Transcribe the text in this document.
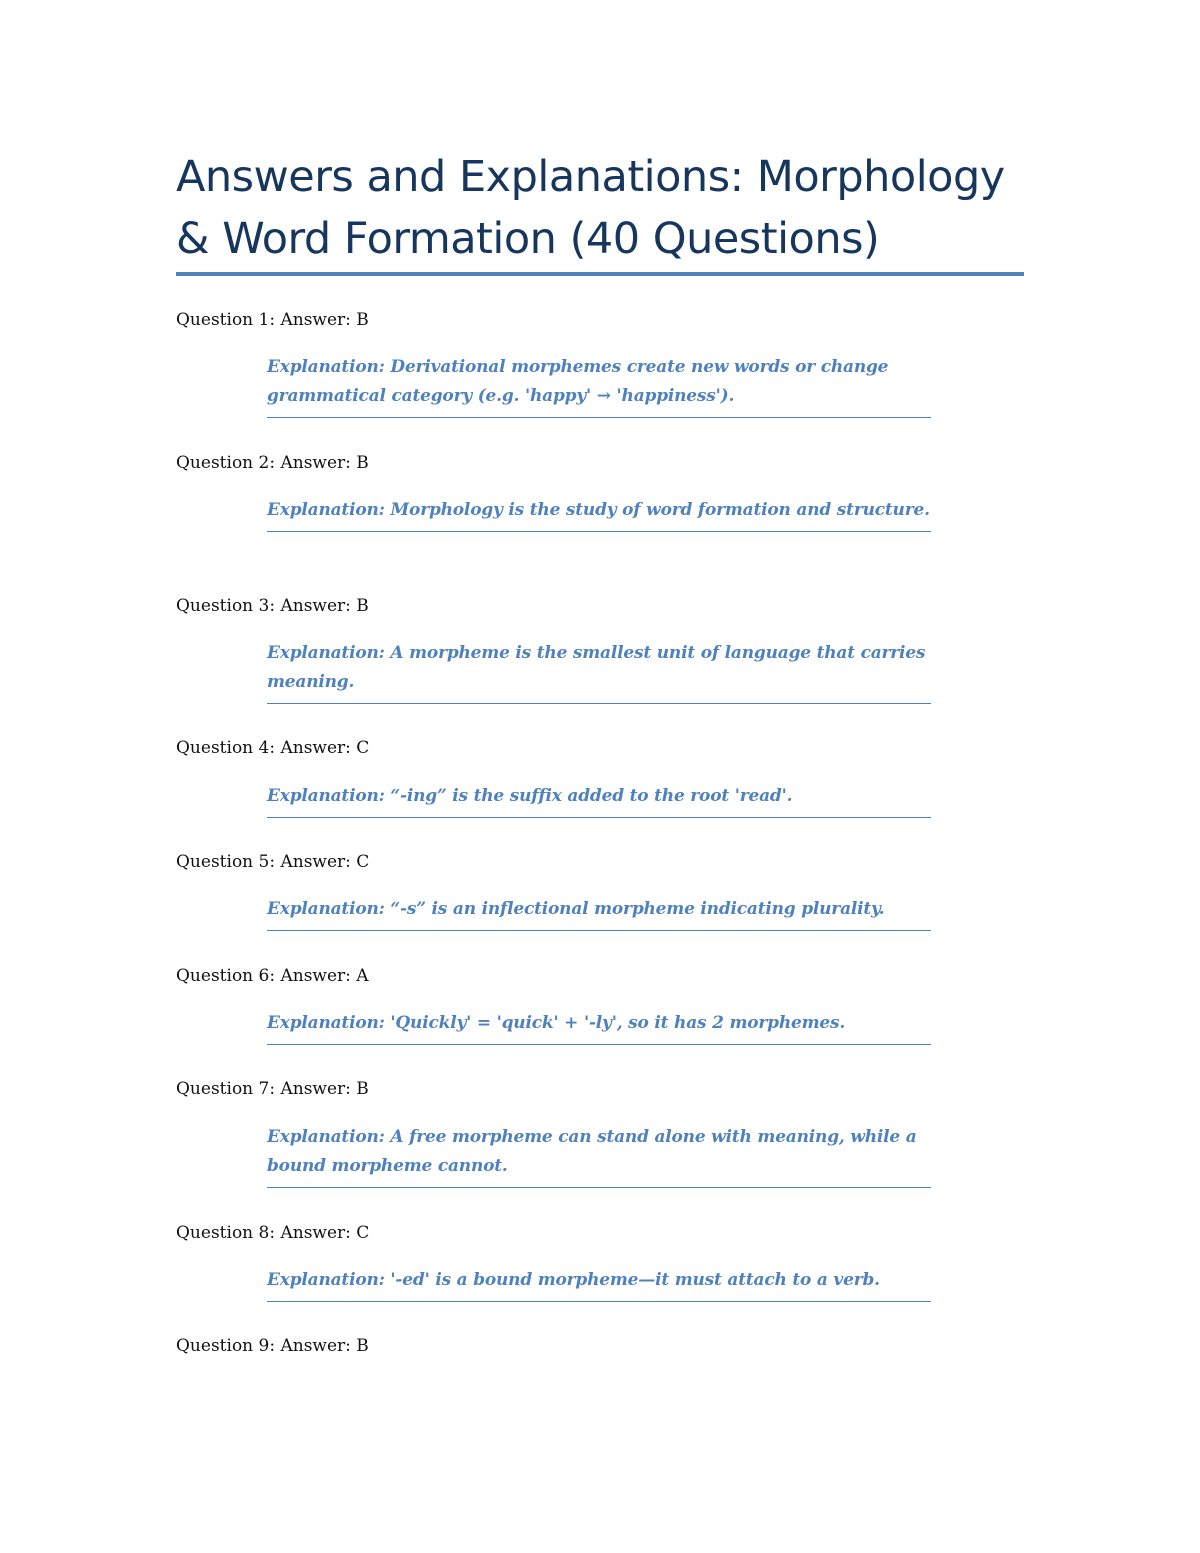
Answers and Explanations: Morphology & Word Formation (40 Questions)
Question 1: Answer: B
Explanation: Derivational morphemes create new words or change grammatical category (e.g. 'happy' → 'happiness').
Question 2: Answer: B
Explanation: Morphology is the study of word formation and structure.
Question 3: Answer: B
Explanation: A morpheme is the smallest unit of language that carries meaning.
Question 4: Answer: C
Explanation: “-ing” is the suffix added to the root 'read'.
Question 5: Answer: C
Explanation: “-s” is an inflectional morpheme indicating plurality.
Question 6: Answer: A
Explanation: 'Quickly' = 'quick' + '-ly', so it has 2 morphemes.
Question 7: Answer: B
Explanation: A free morpheme can stand alone with meaning, while a bound morpheme cannot.
Question 8: Answer: C
Explanation: '-ed' is a bound morpheme—it must attach to a verb.
Question 9: Answer: B
